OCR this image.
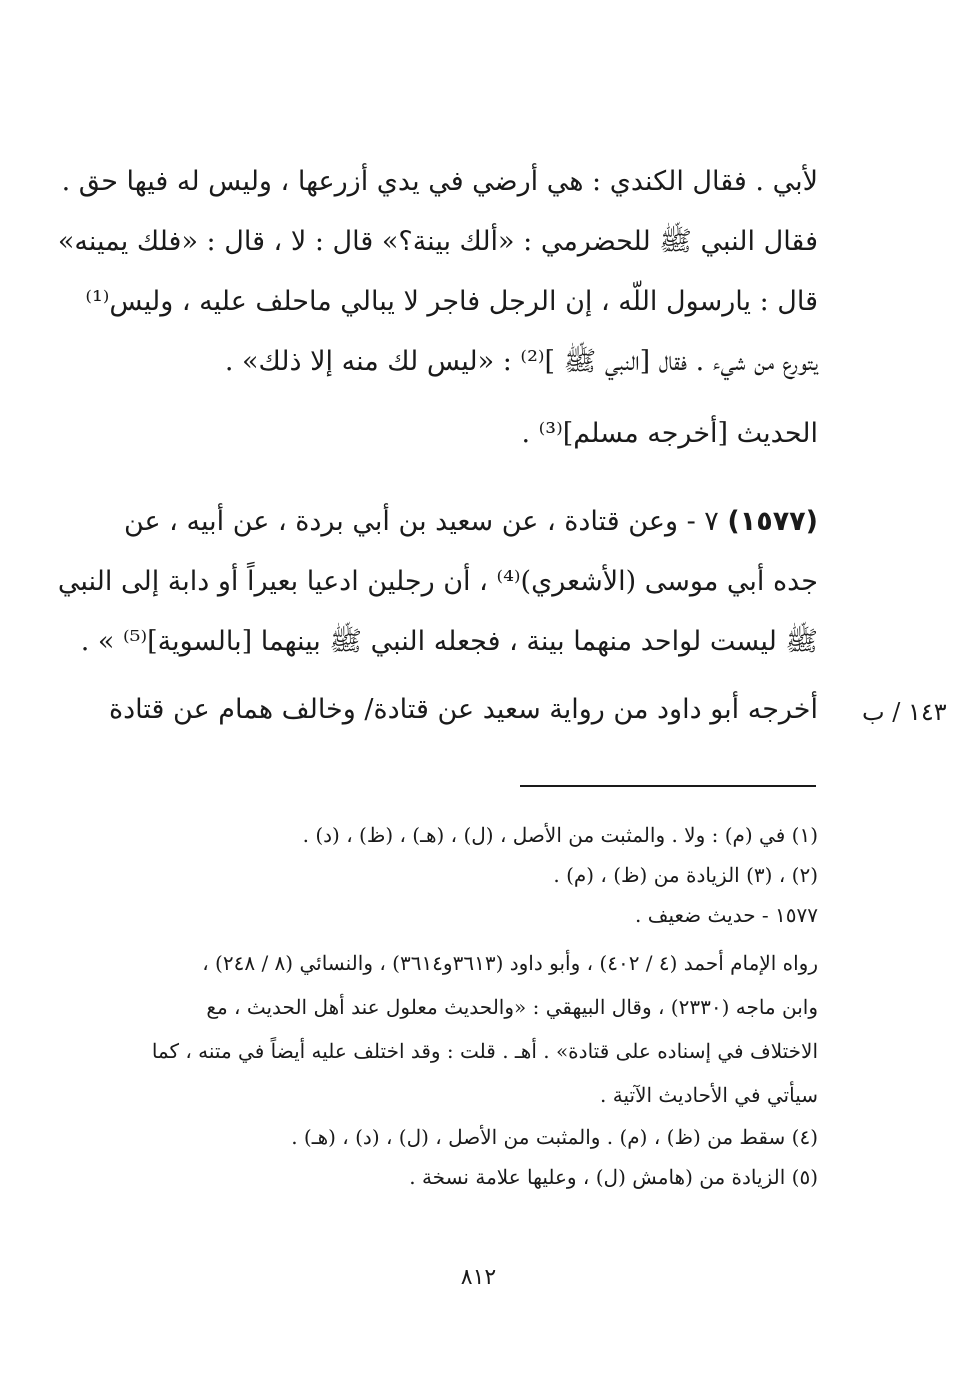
لأبي . فقال الكندي : هي أرضي في يدي أزرعها ، وليس له فيها حق .
فقال النبي ﷺ للحضرمي : «ألك بينة؟» قال : لا ، قال : «فلك يمينه»
قال : يارسول اللّه ، إن الرجل فاجر لا يبالي ماحلف عليه ، وليس⁽¹⁾
يتورع من شيء . فقال [النبي ﷺ ]⁽²⁾ : «ليس لك منه إلا ذلك» .
الحديث [أخرجه مسلم]⁽³⁾ .
(١٥٧٧) ٧ - وعن قتادة ، عن سعيد بن أبي بردة ، عن أبيه ، عن
جده أبي موسى (الأشعري)⁽⁴⁾ ، أن رجلين ادعيا بعيراً أو دابة إلى النبي
ﷺ ليست لواحد منهما بينة ، فجعله النبي ﷺ بينهما [بالسوية]⁽⁵⁾ » .
أخرجه أبو داود من رواية سعيد عن قتادة/ وخالف همام عن قتادة ١٤٣ / ب
(١) في (م) : ولا . والمثبت من الأصل ، (ل) ، (هـ) ، (ظ) ، (د) .
(٢) ، (٣) الزيادة من (ظ) ، (م) .
١٥٧٧ - حديث ضعيف .
رواه الإمام أحمد (٤ / ٤٠٢) ، وأبو داود (٣٦١٣و٣٦١٤) ، والنسائي (٨ / ٢٤٨) ،
وابن ماجه (٢٣٣٠) ، وقال البيهقي : «والحديث معلول عند أهل الحديث ، مع
الاختلاف في إسناده على قتادة» . أهـ . قلت : وقد اختلف عليه أيضاً في متنه ، كما
سيأتي في الأحاديث الآتية .
(٤) سقط من (ظ) ، (م) . والمثبت من الأصل ، (ل) ، (د) ، (هـ) .
(٥) الزيادة من (هامش (ل) ، وعليها علامة نسخة .
٨١٢
